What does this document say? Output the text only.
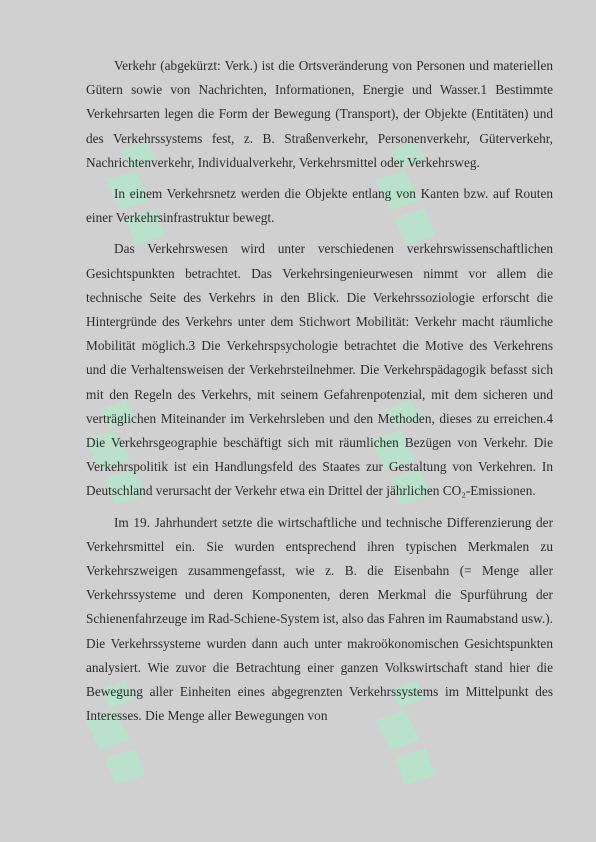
Verkehr (abgekürzt: Verk.) ist die Ortsveränderung von Personen und materiellen Gütern sowie von Nachrichten, Informationen, Energie und Wasser.1 Bestimmte Verkehrsarten legen die Form der Bewegung (Transport), der Objekte (Entitäten) und des Verkehrssystems fest, z. B. Straßenverkehr, Personenverkehr, Güterverkehr, Nachrichtenverkehr, Individualverkehr, Verkehrsmittel oder Verkehrsweg.

In einem Verkehrsnetz werden die Objekte entlang von Kanten bzw. auf Routen einer Verkehrsinfrastruktur bewegt.

Das Verkehrswesen wird unter verschiedenen verkehrswissenschaftlichen Gesichtspunkten betrachtet. Das Verkehrsingenieurwesen nimmt vor allem die technische Seite des Verkehrs in den Blick. Die Verkehrssoziologie erforscht die Hintergründe des Verkehrs unter dem Stichwort Mobilität: Verkehr macht räumliche Mobilität möglich.3 Die Verkehrspsychologie betrachtet die Motive des Verkehrens und die Verhaltensweisen der Verkehrsteilnehmer. Die Verkehrspädagogik befasst sich mit den Regeln des Verkehrs, mit seinem Gefahrenpotenzial, mit dem sicheren und verträglichen Miteinander im Verkehrsleben und den Methoden, dieses zu erreichen.4 Die Verkehrsgeographie beschäftigt sich mit räumlichen Bezügen von Verkehr. Die Verkehrspolitik ist ein Handlungsfeld des Staates zur Gestaltung von Verkehren. In Deutschland verursacht der Verkehr etwa ein Drittel der jährlichen CO₂-Emissionen.

Im 19. Jahrhundert setzte die wirtschaftliche und technische Differenzierung der Verkehrsmittel ein. Sie wurden entsprechend ihren typischen Merkmalen zu Verkehrszweigen zusammengefasst, wie z. B. die Eisenbahn (= Menge aller Verkehrssysteme und deren Komponenten, deren Merkmal die Spurführung der Schienenfahrzeuge im Rad-Schiene-System ist, also das Fahren im Raumabstand usw.). Die Verkehrssysteme wurden dann auch unter makroökonomischen Gesichtspunkten analysiert. Wie zuvor die Betrachtung einer ganzen Volkswirtschaft stand hier die Bewegung aller Einheiten eines abgegrenzten Verkehrssystems im Mittelpunkt des Interesses. Die Menge aller Bewegungen von
